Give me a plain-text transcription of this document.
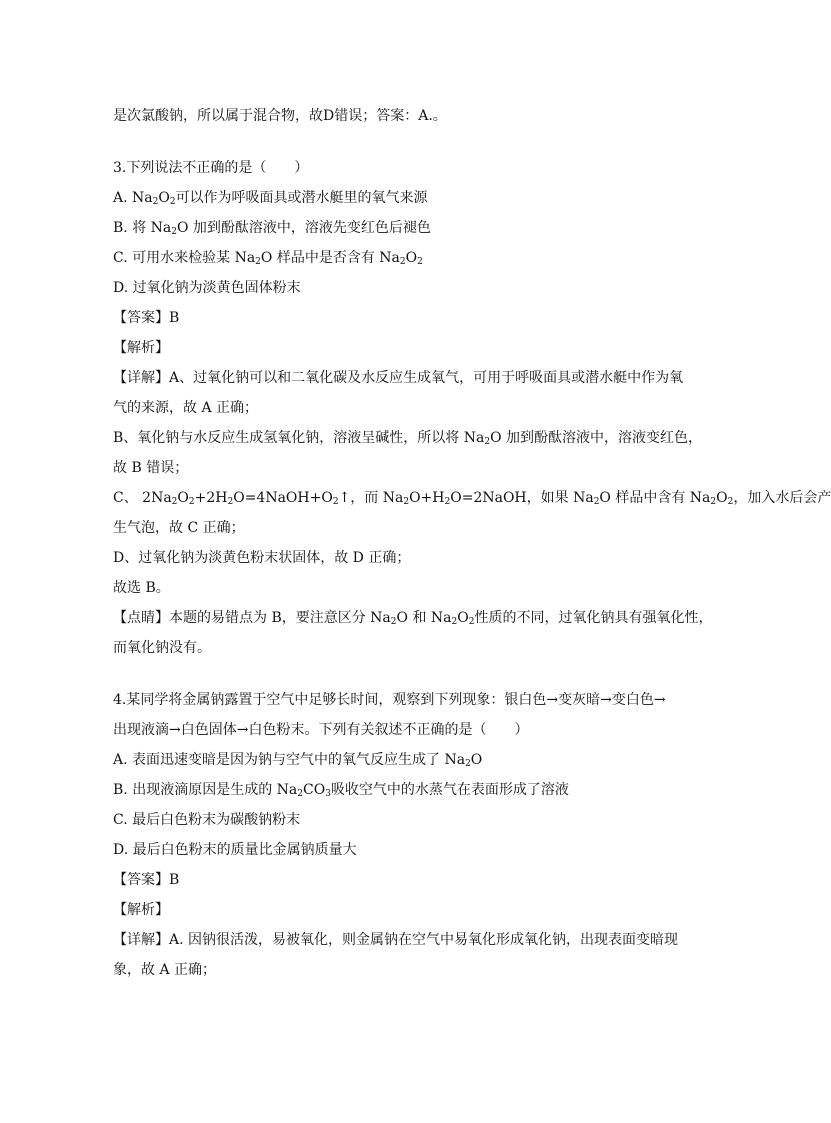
是次氯酸钠，所以属于混合物，故D错误；答案：A.。
3.下列说法不正确的是（　　）
A. $Na_2O_2$可以作为呼吸面具或潜水艇里的氧气来源
B. 将 $Na_2O$ 加到酚酞溶液中，溶液先变红色后褪色
C. 可用水来检验某 $Na_2O$ 样品中是否含有 $Na_2O_2$
D. 过氧化钠为淡黄色固体粉末
【答案】B
【解析】
【详解】A、过氧化钠可以和二氧化碳及水反应生成氧气，可用于呼吸面具或潜水艇中作为氧
气的来源，故 A 正确；
B、氧化钠与水反应生成氢氧化钠，溶液呈碱性，所以将 $Na_2O$ 加到酚酞溶液中，溶液变红色，
故 B 错误；
C、 $2Na_2O_2+2H_2O=4NaOH+O_2↑$，而 $Na_2O+H_2O=2NaOH$，如果 $Na_2O$ 样品中含有 $Na_2O_2$，加入水后会产
生气泡，故 C 正确；
D、过氧化钠为淡黄色粉末状固体，故 D 正确；
故选 B。
【点睛】本题的易错点为 B，要注意区分 $Na_2O$ 和 $Na_2O_2$性质的不同，过氧化钠具有强氧化性，
而氧化钠没有。
4.某同学将金属钠露置于空气中足够长时间，观察到下列现象：银白色→变灰暗→变白色→
出现液滴→白色固体→白色粉末。下列有关叙述不正确的是（　　）
A. 表面迅速变暗是因为钠与空气中的氧气反应生成了 $Na_2O$
B. 出现液滴原因是生成的 $Na_2CO_3$吸收空气中的水蒸气在表面形成了溶液
C. 最后白色粉末为碳酸钠粉末
D. 最后白色粉末的质量比金属钠质量大
【答案】B
【解析】
【详解】A. 因钠很活泼，易被氧化，则金属钠在空气中易氧化形成氧化钠，出现表面变暗现
象，故 A 正确；
